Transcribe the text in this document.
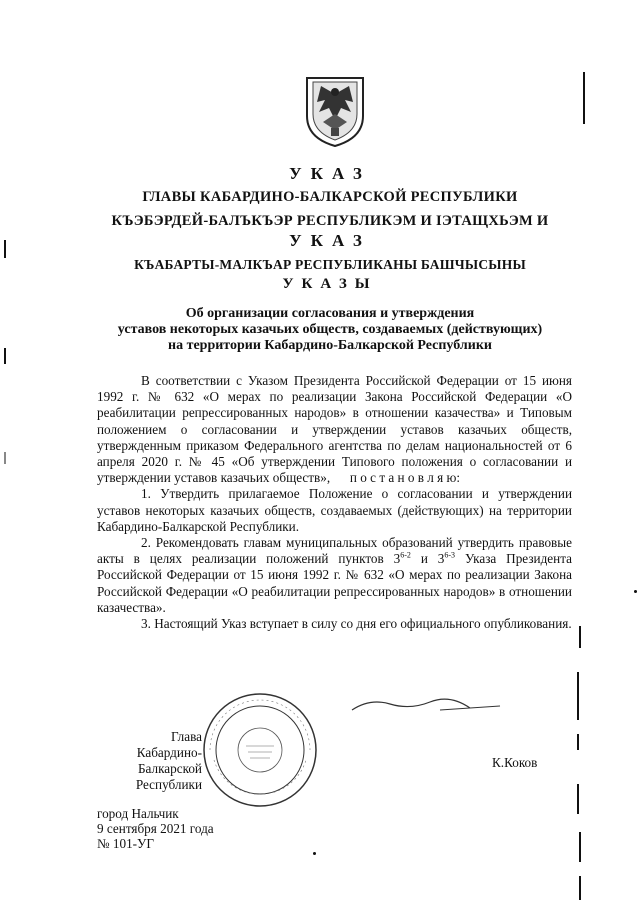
УКАЗ
ГЛАВЫ КАБАРДИНО-БАЛКАРСКОЙ РЕСПУБЛИКИ
КЪЭБЭРДЕЙ-БАЛЪКЪЭР РЕСПУБЛИКЭМ И ІЭТАЩХЬЭМ И
УКАЗ
КЪАБАРТЫ-МАЛКЪАР РЕСПУБЛИКАНЫ БАШЧЫСЫНЫ
УКАЗЫ
Об организации согласования и утверждения
уставов некоторых казачьих обществ, создаваемых (действующих)
на территории Кабардино-Балкарской Республики

В соответствии с Указом Президента Российской Федерации от 15 июня 1992 г. № 632 «О мерах по реализации Закона Российской Федерации «О реабилитации репрессированных народов» в отношении казачества» и Типовым положением о согласовании и утверждении уставов казачьих обществ, утвержденным приказом Федерального агентства по делам национальностей от 6 апреля 2020 г. № 45 «Об утверждении Типового положения о согласовании и утверждении уставов казачьих обществ», п о с т а н о в л я ю:

1. Утвердить прилагаемое Положение о согласовании и утверждении уставов некоторых казачьих обществ, создаваемых (действующих) на территории Кабардино-Балкарской Республики.

2. Рекомендовать главам муниципальных образований утвердить правовые акты в целях реализации положений пунктов 3$^{6-2}$ и 3$^{6-3}$ Указа Президента Российской Федерации от 15 июня 1992 г. № 632 «О мерах по реализации Закона Российской Федерации «О реабилитации репрессированных народов» в отношении казачества».

3. Настоящий Указ вступает в силу со дня его официального опубликования.

Глава
Кабардино-Балкарской
Республики
К.Коков
город Нальчик
9 сентября 2021 года
№ 101-УГ
